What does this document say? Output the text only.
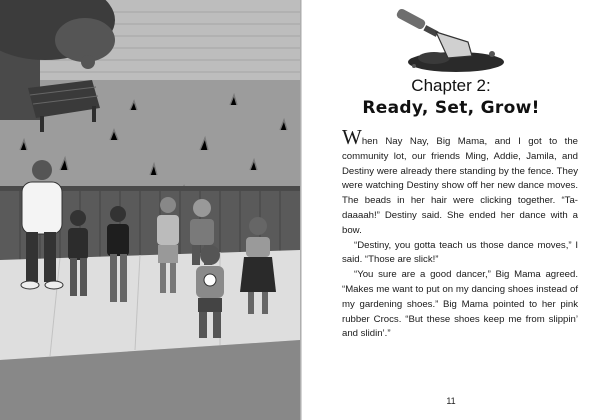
Chapter 2:
Ready, Set, Grow!

When Nay Nay, Big Mama, and I got to the community lot, our friends Ming, Addie, Jamila, and Destiny were already there standing by the fence. They were watching Destiny show off her new dance moves. The beads in her hair were clicking together. “Ta-daaaah!” Destiny said. She ended her dance with a bow.

“Destiny, you gotta teach us those dance moves,” I said. “Those are slick!”

“You sure are a good dancer,” Big Mama agreed. “Makes me want to put on my dancing shoes instead of my gardening shoes.” Big Mama pointed to her pink rubber Crocs. “But these shoes keep me from slippin’ and slidin’.”

11
